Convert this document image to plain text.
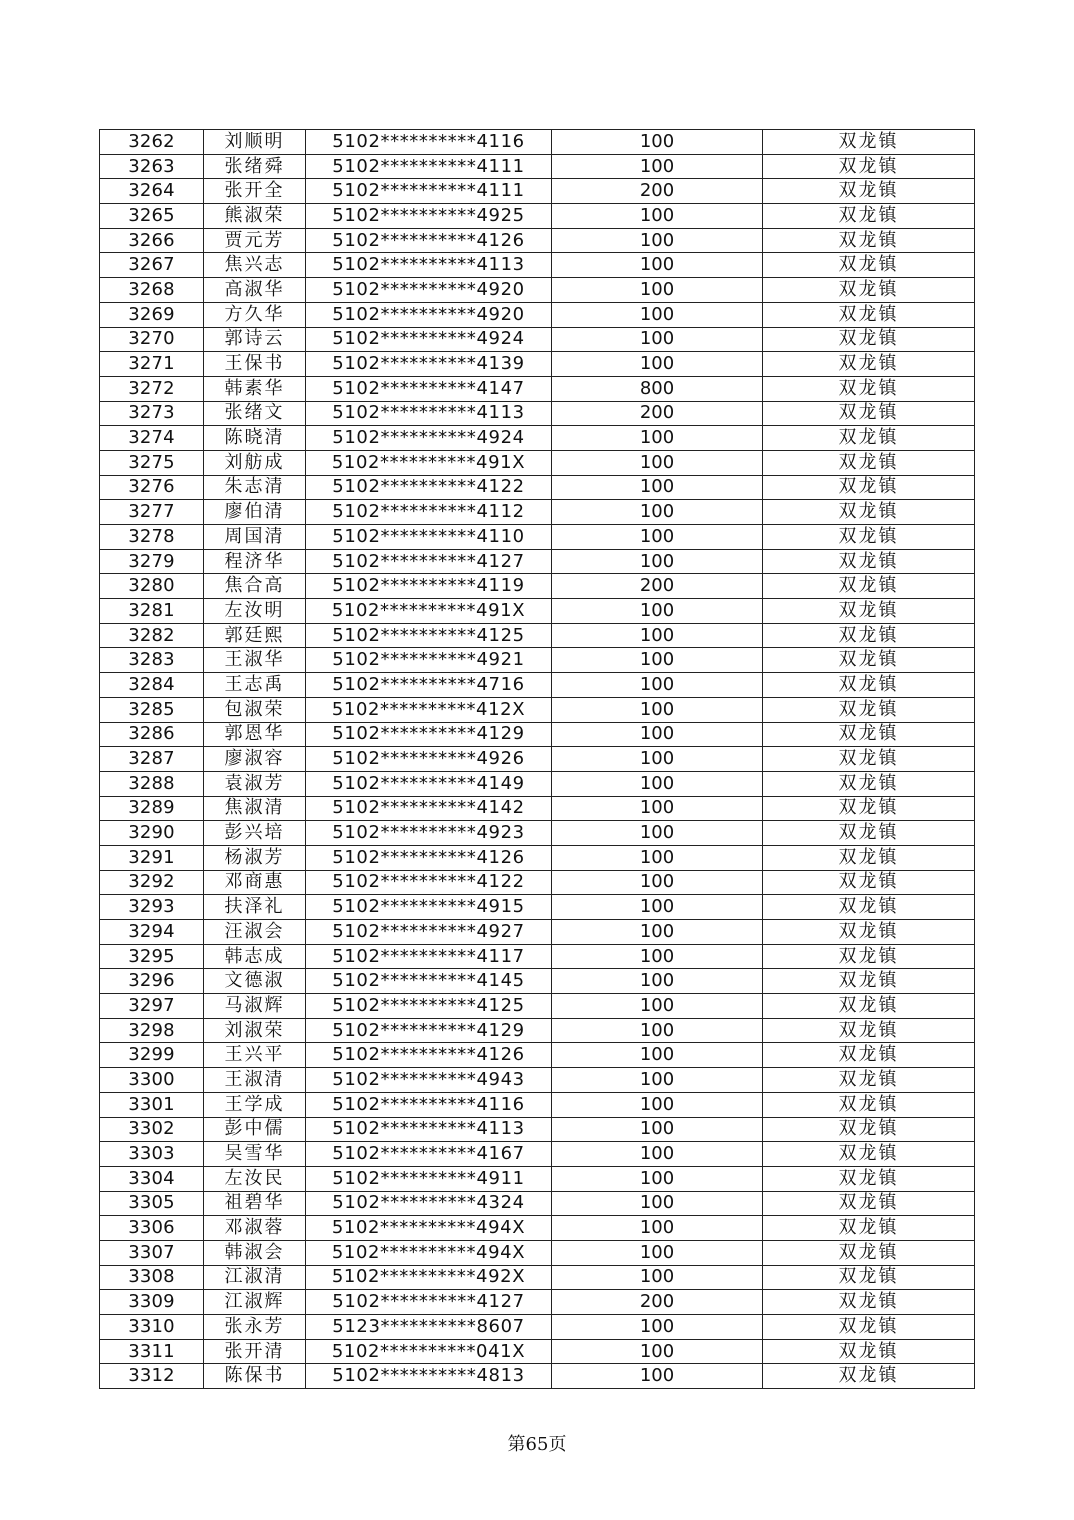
3262	刘顺明	5102**********4116	100	双龙镇
3263	张绪舜	5102**********4111	100	双龙镇
3264	张开全	5102**********4111	200	双龙镇
3265	熊淑荣	5102**********4925	100	双龙镇
3266	贾元芳	5102**********4126	100	双龙镇
3267	焦兴志	5102**********4113	100	双龙镇
3268	高淑华	5102**********4920	100	双龙镇
3269	方久华	5102**********4920	100	双龙镇
3270	郭诗云	5102**********4924	100	双龙镇
3271	王保书	5102**********4139	100	双龙镇
3272	韩素华	5102**********4147	800	双龙镇
3273	张绪文	5102**********4113	200	双龙镇
3274	陈晓清	5102**********4924	100	双龙镇
3275	刘舫成	5102**********491X	100	双龙镇
3276	朱志清	5102**********4122	100	双龙镇
3277	廖伯清	5102**********4112	100	双龙镇
3278	周国清	5102**********4110	100	双龙镇
3279	程济华	5102**********4127	100	双龙镇
3280	焦合高	5102**********4119	200	双龙镇
3281	左汝明	5102**********491X	100	双龙镇
3282	郭廷熙	5102**********4125	100	双龙镇
3283	王淑华	5102**********4921	100	双龙镇
3284	王志禹	5102**********4716	100	双龙镇
3285	包淑荣	5102**********412X	100	双龙镇
3286	郭恩华	5102**********4129	100	双龙镇
3287	廖淑容	5102**********4926	100	双龙镇
3288	袁淑芳	5102**********4149	100	双龙镇
3289	焦淑清	5102**********4142	100	双龙镇
3290	彭兴培	5102**********4923	100	双龙镇
3291	杨淑芳	5102**********4126	100	双龙镇
3292	邓商惠	5102**********4122	100	双龙镇
3293	扶泽礼	5102**********4915	100	双龙镇
3294	汪淑会	5102**********4927	100	双龙镇
3295	韩志成	5102**********4117	100	双龙镇
3296	文德淑	5102**********4145	100	双龙镇
3297	马淑辉	5102**********4125	100	双龙镇
3298	刘淑荣	5102**********4129	100	双龙镇
3299	王兴平	5102**********4126	100	双龙镇
3300	王淑清	5102**********4943	100	双龙镇
3301	王学成	5102**********4116	100	双龙镇
3302	彭中儒	5102**********4113	100	双龙镇
3303	吴雪华	5102**********4167	100	双龙镇
3304	左汝民	5102**********4911	100	双龙镇
3305	祖碧华	5102**********4324	100	双龙镇
3306	邓淑蓉	5102**********494X	100	双龙镇
3307	韩淑会	5102**********494X	100	双龙镇
3308	江淑清	5102**********492X	100	双龙镇
3309	江淑辉	5102**********4127	200	双龙镇
3310	张永芳	5123**********8607	100	双龙镇
3311	张开清	5102**********041X	100	双龙镇
3312	陈保书	5102**********4813	100	双龙镇
第65页
